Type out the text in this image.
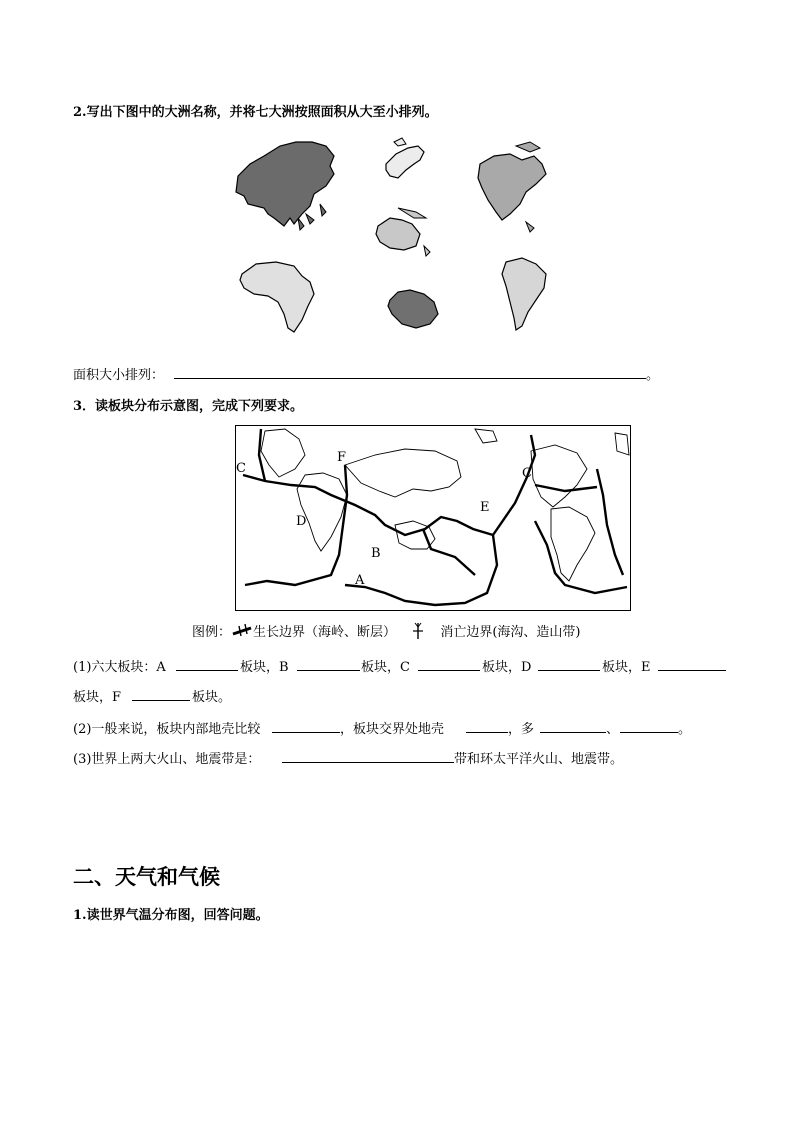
2.写出下图中的大洲名称，并将七大洲按照面积从大至小排列。
面积大小排列：	。
3．读板块分布示意图，完成下列要求。
A
B
C	C
D
E
F
图例： 生长边界（海岭、断层）	消亡边界(海沟、造山带)
(1)六大板块：A	板块，B	板块，C	板块，D	板块，E
板块，F	板块。
(2)一般来说，板块内部地壳比较	，板块交界处地壳	，多	、	。
(3)世界上两大火山、地震带是：	带和环太平洋火山、地震带。
二、天气和气候
1.读世界气温分布图，回答问题。
